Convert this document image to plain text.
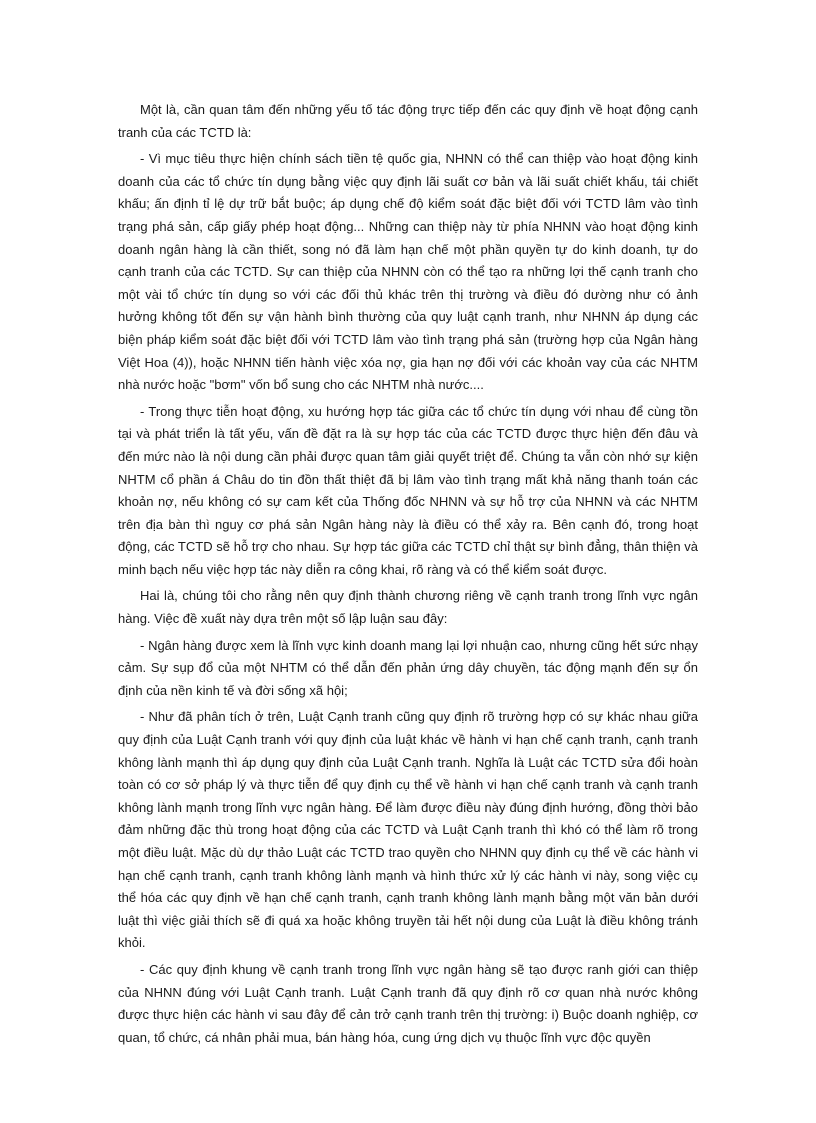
Một là, cần quan tâm đến những yếu tố tác động trực tiếp đến các quy định về hoạt động cạnh tranh của các TCTD là:

- Vì mục tiêu thực hiện chính sách tiền tệ quốc gia, NHNN có thể can thiệp vào hoạt động kinh doanh của các tổ chức tín dụng bằng việc quy định lãi suất cơ bản và lãi suất chiết khấu, tái chiết khấu; ấn định tỉ lệ dự trữ bắt buộc; áp dụng chế độ kiểm soát đặc biệt đối với TCTD lâm vào tình trạng phá sản, cấp giấy phép hoạt động... Những can thiệp này từ phía NHNN vào hoạt động kinh doanh ngân hàng là cần thiết, song nó đã làm hạn chế một phần quyền tự do kinh doanh, tự do cạnh tranh của các TCTD. Sự can thiệp của NHNN còn có thể tạo ra những lợi thế cạnh tranh cho một vài tổ chức tín dụng so với các đối thủ khác trên thị trường và điều đó dường như có ảnh hưởng không tốt đến sự vận hành bình thường của quy luật cạnh tranh, như NHNN áp dụng các biện pháp kiểm soát đặc biệt đối với TCTD lâm vào tình trạng phá sản (trường hợp của Ngân hàng Việt Hoa (4)), hoặc NHNN tiến hành việc xóa nợ, gia hạn nợ đối với các khoản vay của các NHTM nhà nước hoặc "bơm" vốn bổ sung cho các NHTM nhà nước....

- Trong thực tiễn hoạt động, xu hướng hợp tác giữa các tổ chức tín dụng với nhau để cùng tồn tại và phát triển là tất yếu, vấn đề đặt ra là sự hợp tác của các TCTD được thực hiện đến đâu và đến mức nào là nội dung cần phải được quan tâm giải quyết triệt để. Chúng ta vẫn còn nhớ sự kiện NHTM cổ phần á Châu do tin đồn thất thiệt đã bị lâm vào tình trạng mất khả năng thanh toán các khoản nợ, nếu không có sự cam kết của Thống đốc NHNN và sự hỗ trợ của NHNN và các NHTM trên địa bàn thì nguy cơ phá sản Ngân hàng này là điều có thể xảy ra. Bên cạnh đó, trong hoạt động, các TCTD sẽ hỗ trợ cho nhau. Sự hợp tác giữa các TCTD chỉ thật sự bình đẳng, thân thiện và minh bạch nếu việc hợp tác này diễn ra công khai, rõ ràng và có thể kiểm soát được.

Hai là, chúng tôi cho rằng nên quy định thành chương riêng về cạnh tranh trong lĩnh vực ngân hàng. Việc đề xuất này dựa trên một số lập luận sau đây:

- Ngân hàng được xem là lĩnh vực kinh doanh mang lại lợi nhuận cao, nhưng cũng hết sức nhạy cảm. Sự sụp đổ của một NHTM có thể dẫn đến phản ứng dây chuyền, tác động mạnh đến sự ổn định của nền kinh tế và đời sống xã hội;

- Như đã phân tích ở trên, Luật Cạnh tranh cũng quy định rõ trường hợp có sự khác nhau giữa quy định của Luật Cạnh tranh với quy định của luật khác về hành vi hạn chế cạnh tranh, cạnh tranh không lành mạnh thì áp dụng quy định của Luật Cạnh tranh. Nghĩa là Luật các TCTD sửa đổi hoàn toàn có cơ sở pháp lý và thực tiễn để quy định cụ thể về hành vi hạn chế cạnh tranh và cạnh tranh không lành mạnh trong lĩnh vực ngân hàng. Để làm được điều này đúng định hướng, đồng thời bảo đảm những đặc thù trong hoạt động của các TCTD và Luật Cạnh tranh thì khó có thể làm rõ trong một điều luật. Mặc dù dự thảo Luật các TCTD trao quyền cho NHNN quy định cụ thể về các hành vi hạn chế cạnh tranh, cạnh tranh không lành mạnh và hình thức xử lý các hành vi này, song việc cụ thể hóa các quy định về hạn chế cạnh tranh, cạnh tranh không lành mạnh bằng một văn bản dưới luật thì việc giải thích sẽ đi quá xa hoặc không truyền tải hết nội dung của Luật là điều không tránh khỏi.

- Các quy định khung về cạnh tranh trong lĩnh vực ngân hàng sẽ tạo được ranh giới can thiệp của NHNN đúng với Luật Cạnh tranh. Luật Cạnh tranh đã quy định rõ cơ quan nhà nước không được thực hiện các hành vi sau đây để cản trở cạnh tranh trên thị trường: i) Buộc doanh nghiệp, cơ quan, tổ chức, cá nhân phải mua, bán hàng hóa, cung ứng dịch vụ thuộc lĩnh vực độc quyền
